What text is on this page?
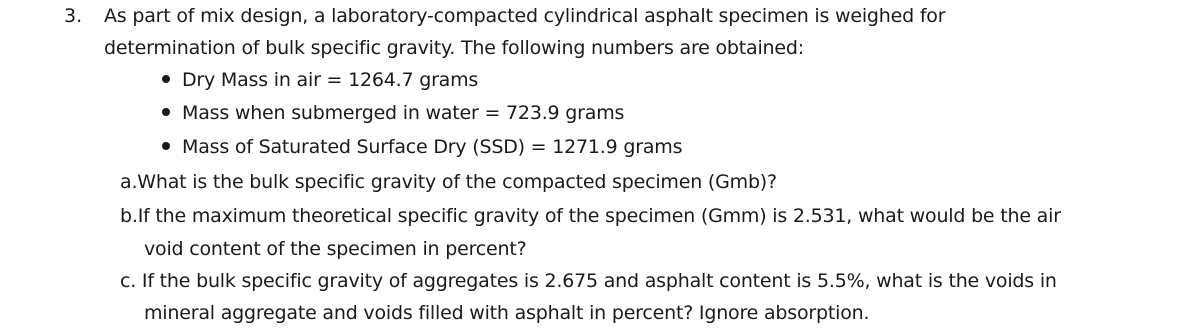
3. As part of mix design, a laboratory-compacted cylindrical asphalt specimen is weighed for
determination of bulk specific gravity. The following numbers are obtained:
Dry Mass in air = 1264.7 grams
Mass when submerged in water = 723.9 grams
Mass of Saturated Surface Dry (SSD) = 1271.9 grams
a.What is the bulk specific gravity of the compacted specimen (Gmb)?
b.If the maximum theoretical specific gravity of the specimen (Gmm) is 2.531, what would be the air
void content of the specimen in percent?
c. If the bulk specific gravity of aggregates is 2.675 and asphalt content is 5.5%, what is the voids in
mineral aggregate and voids filled with asphalt in percent? Ignore absorption.
